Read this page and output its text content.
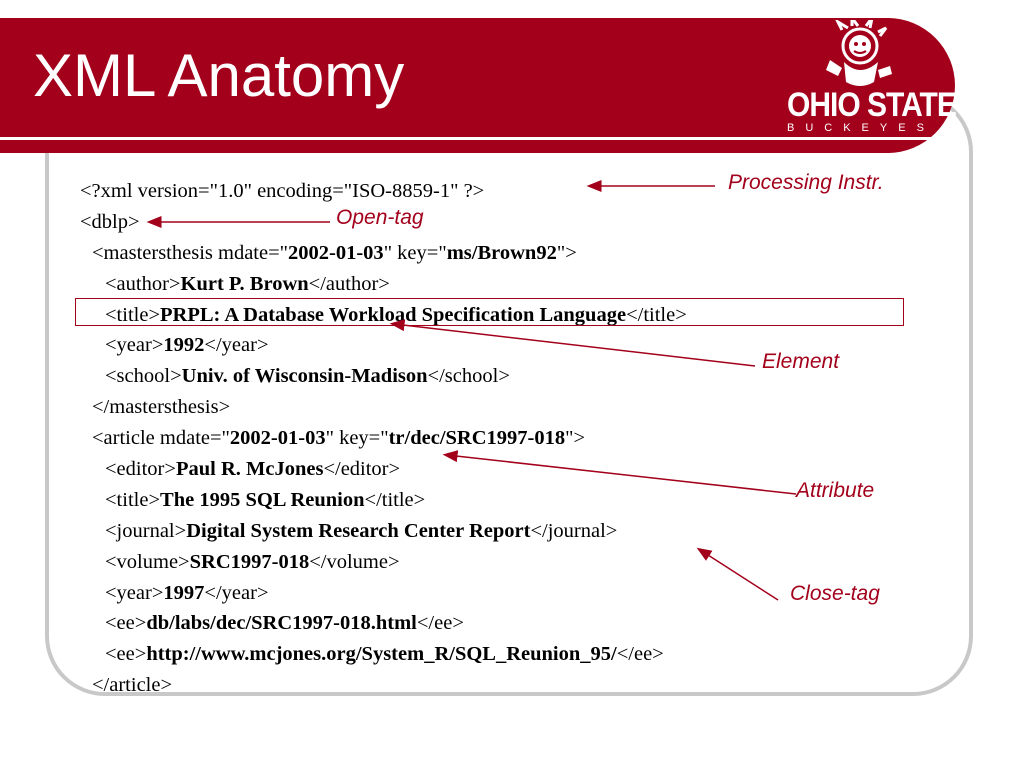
XML Anatomy	OHIO STATE
BUCKEYES	TM
<?xml version="1.0" encoding="ISO-8859-1" ?>
<dblp>
<mastersthesis mdate="2002-01-03" key="ms/Brown92">
<author>Kurt P. Brown</author>
<title>PRPL: A Database Workload Specification Language</title>
<year>1992</year>
<school>Univ. of Wisconsin-Madison</school>
</mastersthesis>
<article mdate="2002-01-03" key="tr/dec/SRC1997-018">
<editor>Paul R. McJones</editor>
<title>The 1995 SQL Reunion</title>
<journal>Digital System Research Center Report</journal>
<volume>SRC1997-018</volume>
<year>1997</year>
<ee>db/labs/dec/SRC1997-018.html</ee>
<ee>http://www.mcjones.org/System_R/SQL_Reunion_95/</ee>
</article>
Processing Instr.
Open-tag
Element
Attribute
Close-tag
